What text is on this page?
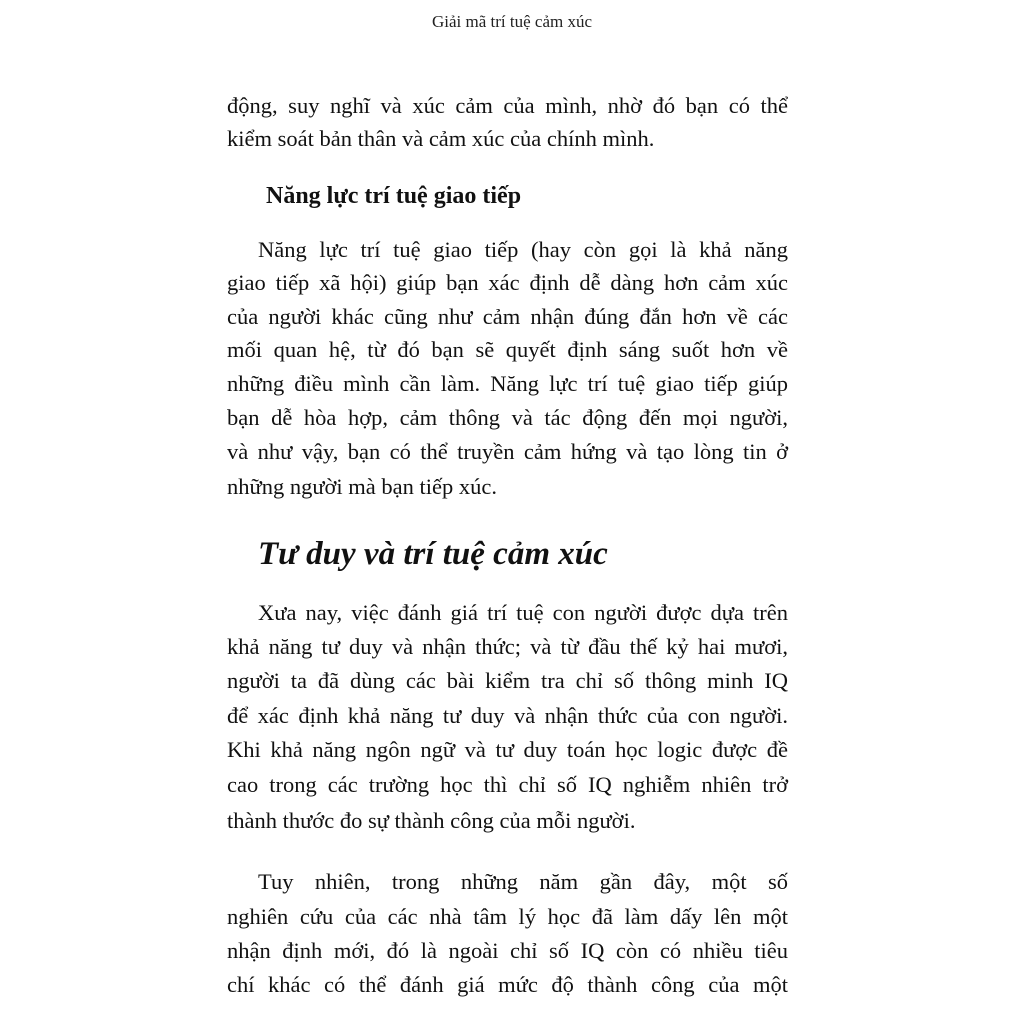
Giải mã trí tuệ cảm xúc
động, suy nghĩ và xúc cảm của mình, nhờ đó bạn có thể
kiểm soát bản thân và cảm xúc của chính mình.
Năng lực trí tuệ giao tiếp
Năng lực trí tuệ giao tiếp (hay còn gọi là khả năng
giao tiếp xã hội) giúp bạn xác định dễ dàng hơn cảm xúc
của người khác cũng như cảm nhận đúng đắn hơn về các
mối quan hệ, từ đó bạn sẽ quyết định sáng suốt hơn về
những điều mình cần làm. Năng lực trí tuệ giao tiếp giúp
bạn dễ hòa hợp, cảm thông và tác động đến mọi người,
và như vậy, bạn có thể truyền cảm hứng và tạo lòng tin ở
những người mà bạn tiếp xúc.
Tư duy và trí tuệ cảm xúc
Xưa nay, việc đánh giá trí tuệ con người được dựa trên
khả năng tư duy và nhận thức; và từ đầu thế kỷ hai mươi,
người ta đã dùng các bài kiểm tra chỉ số thông minh IQ
để xác định khả năng tư duy và nhận thức của con người.
Khi khả năng ngôn ngữ và tư duy toán học logic được đề
cao trong các trường học thì chỉ số IQ nghiễm nhiên trở
thành thước đo sự thành công của mỗi người.
Tuy nhiên, trong những năm gần đây, một số
nghiên cứu của các nhà tâm lý học đã làm dấy lên một
nhận định mới, đó là ngoài chỉ số IQ còn có nhiều tiêu
chí khác có thể đánh giá mức độ thành công của một
